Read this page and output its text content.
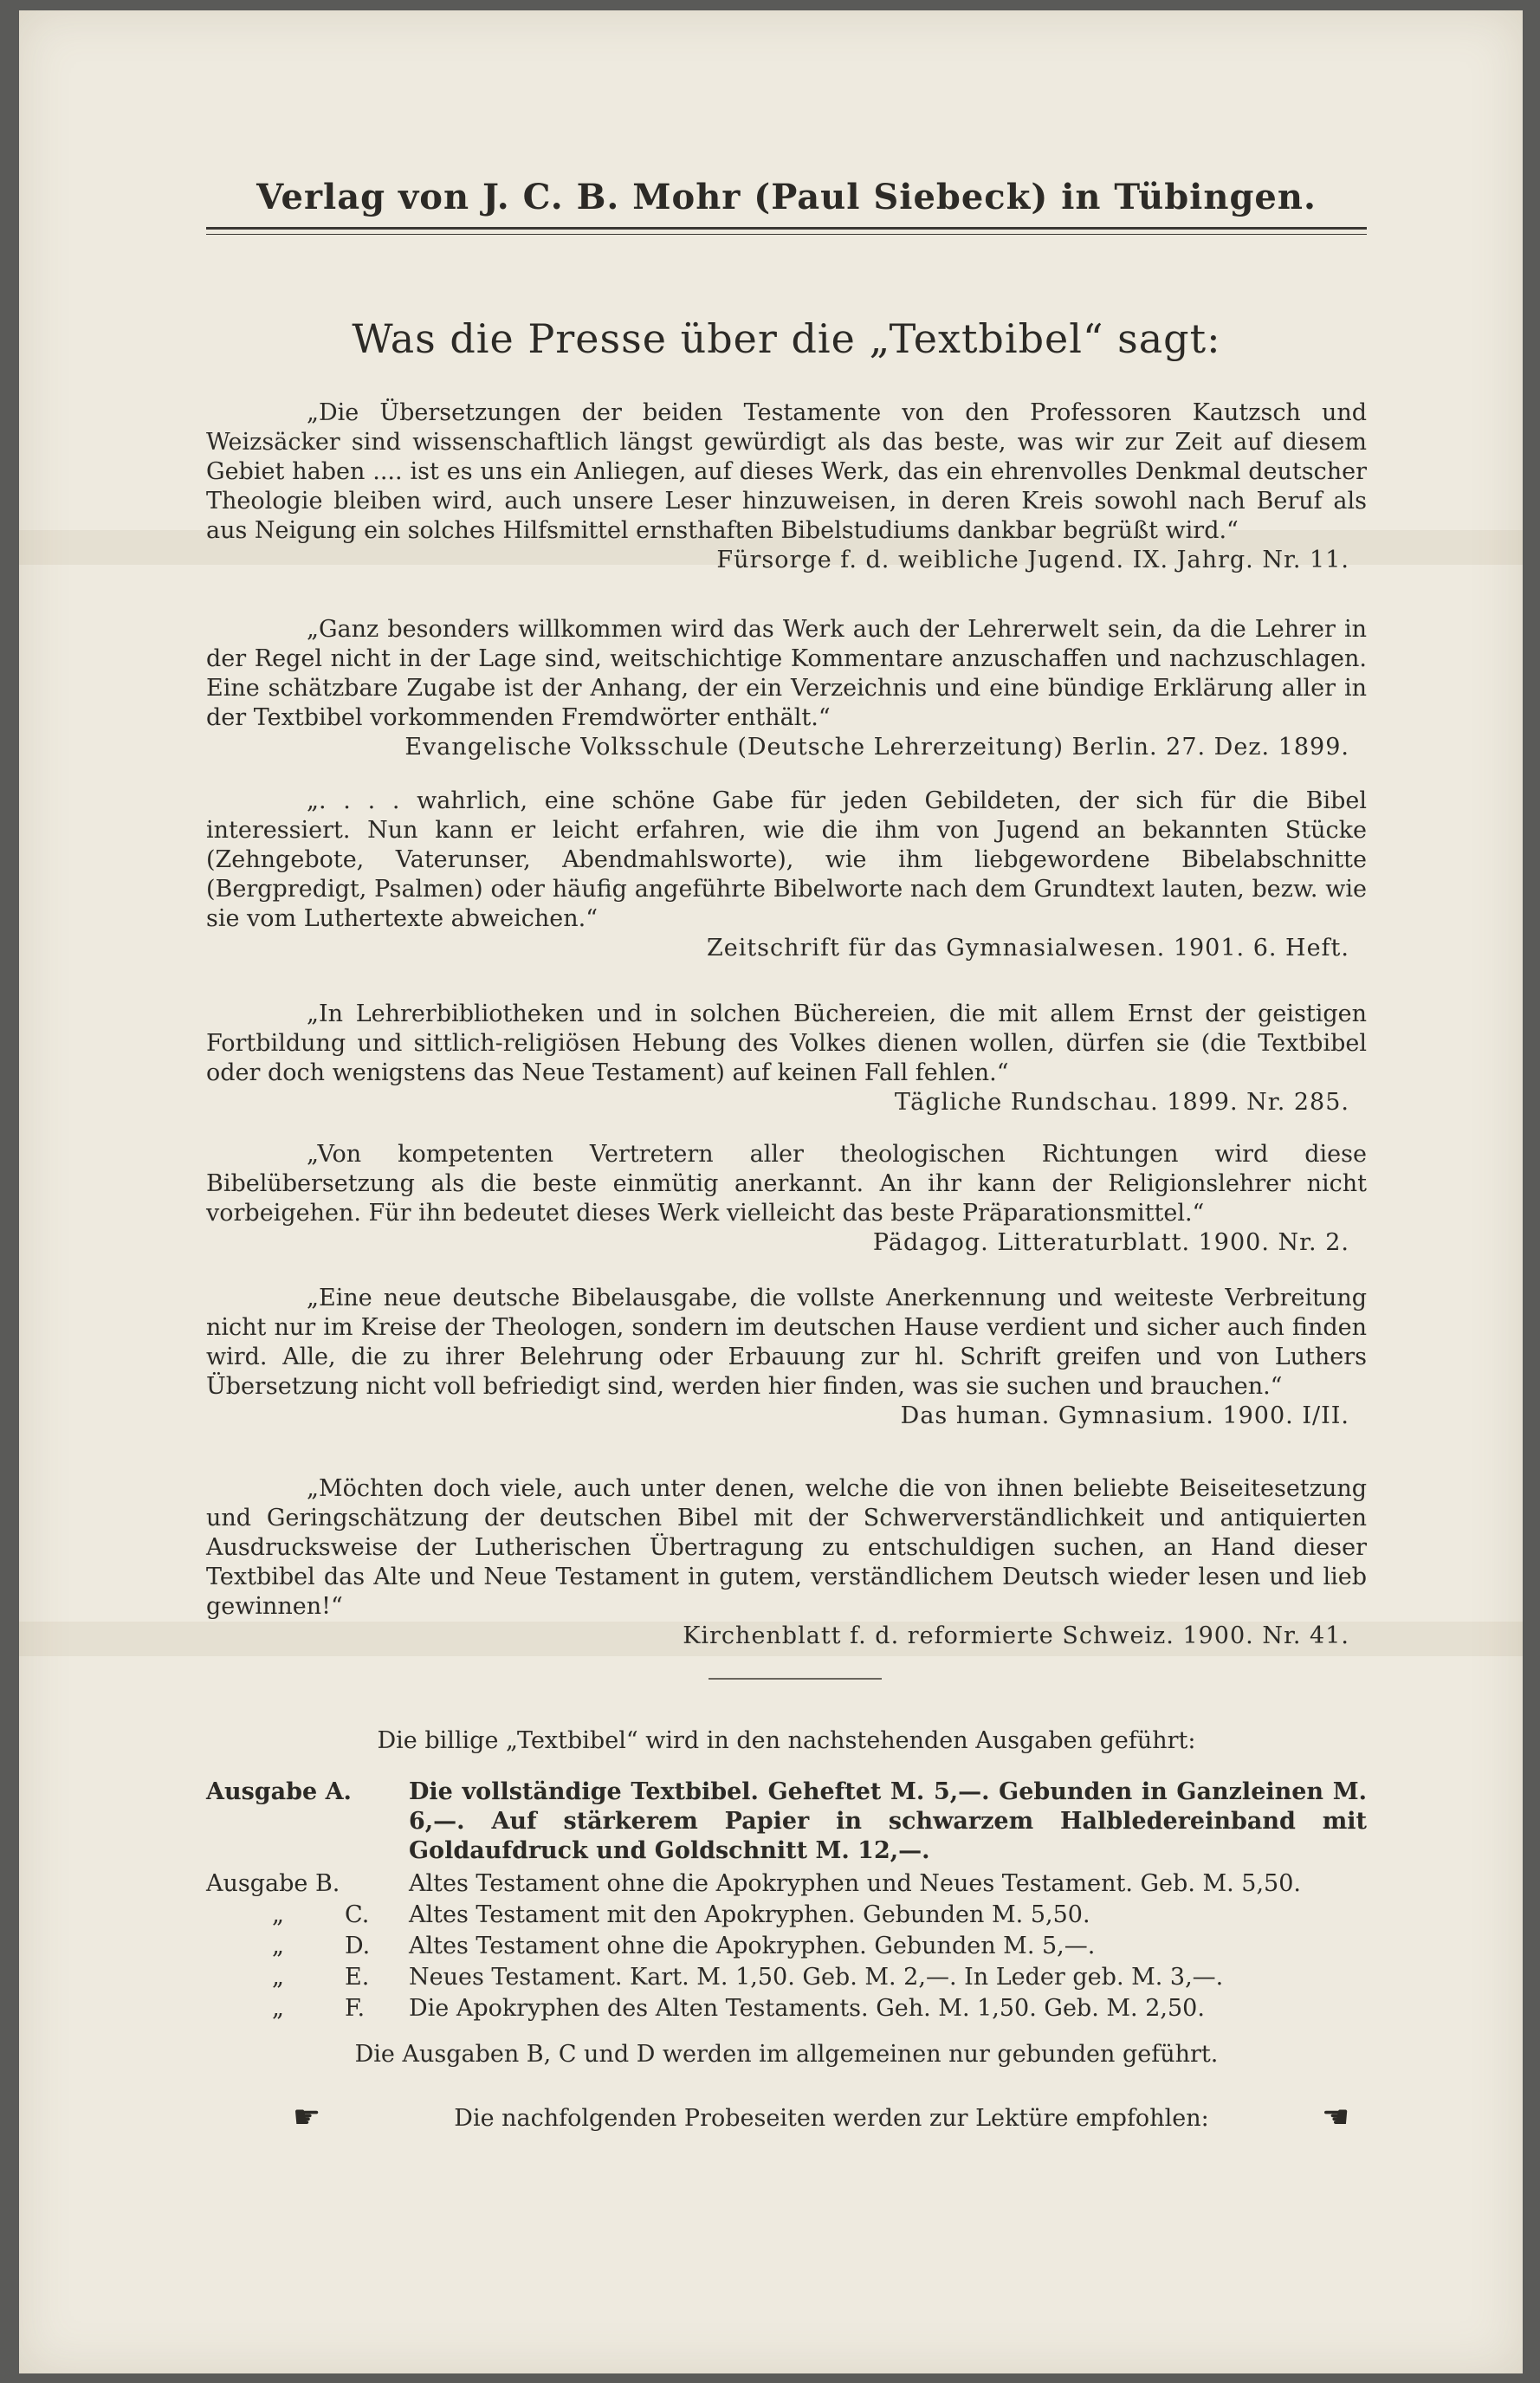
Verlag von J. C. B. Mohr (Paul Siebeck) in Tübingen.
Was die Presse über die „Textbibel“ sagt:

„Die Übersetzungen der beiden Testamente von den Professoren Kautzsch und Weizsäcker sind wissenschaftlich längst gewürdigt als das beste, was wir zur Zeit auf diesem Gebiet haben .... ist es uns ein Anliegen, auf dieses Werk, das ein ehrenvolles Denkmal deutscher Theologie bleiben wird, auch unsere Leser hinzuweisen, in deren Kreis sowohl nach Beruf als aus Neigung ein solches Hilfsmittel ernsthaften Bibelstudiums dankbar begrüßt wird.“

Fürsorge f. d. weibliche Jugend. IX. Jahrg. Nr. 11.

„Ganz besonders willkommen wird das Werk auch der Lehrerwelt sein, da die Lehrer in der Regel nicht in der Lage sind, weitschichtige Kommentare anzuschaffen und nachzuschlagen. Eine schätzbare Zugabe ist der Anhang, der ein Verzeichnis und eine bündige Erklärung aller in der Textbibel vorkommenden Fremdwörter enthält.“

Evangelische Volksschule (Deutsche Lehrerzeitung) Berlin. 27. Dez. 1899.

„. . . . wahrlich, eine schöne Gabe für jeden Gebildeten, der sich für die Bibel interessiert. Nun kann er leicht erfahren, wie die ihm von Jugend an bekannten Stücke (Zehngebote, Vaterunser, Abendmahlsworte), wie ihm liebgewordene Bibelabschnitte (Bergpredigt, Psalmen) oder häufig angeführte Bibelworte nach dem Grundtext lauten, bezw. wie sie vom Luthertexte abweichen.“

Zeitschrift für das Gymnasialwesen. 1901. 6. Heft.

„In Lehrerbibliotheken und in solchen Büchereien, die mit allem Ernst der geistigen Fortbildung und sittlich-religiösen Hebung des Volkes dienen wollen, dürfen sie (die Textbibel oder doch wenigstens das Neue Testament) auf keinen Fall fehlen.“

Tägliche Rundschau. 1899. Nr. 285.

„Von kompetenten Vertretern aller theologischen Richtungen wird diese Bibelübersetzung als die beste einmütig anerkannt. An ihr kann der Religionslehrer nicht vorbeigehen. Für ihn bedeutet dieses Werk vielleicht das beste Präparationsmittel.“

Pädagog. Litteraturblatt. 1900. Nr. 2.

„Eine neue deutsche Bibelausgabe, die vollste Anerkennung und weiteste Verbreitung nicht nur im Kreise der Theologen, sondern im deutschen Hause verdient und sicher auch finden wird. Alle, die zu ihrer Belehrung oder Erbauung zur hl. Schrift greifen und von Luthers Übersetzung nicht voll befriedigt sind, werden hier finden, was sie suchen und brauchen.“

Das human. Gymnasium. 1900. I/II.

„Möchten doch viele, auch unter denen, welche die von ihnen beliebte Beiseitesetzung und Geringschätzung der deutschen Bibel mit der Schwerverständlichkeit und antiquierten Ausdrucksweise der Lutherischen Übertragung zu entschuldigen suchen, an Hand dieser Textbibel das Alte und Neue Testament in gutem, verständlichem Deutsch wieder lesen und lieb gewinnen!“

Kirchenblatt f. d. reformierte Schweiz. 1900. Nr. 41.
Die billige „Textbibel“ wird in den nachstehenden Ausgaben geführt:
Ausgabe A.	Die vollständige Textbibel. Geheftet M. 5,—. Gebunden in Ganzleinen M. 6,—. Auf stärkerem Papier in schwarzem Halbledereinband mit Goldaufdruck und Goldschnitt M. 12,—.
Ausgabe B.	Altes Testament ohne die Apokryphen und Neues Testament. Geb. M. 5,50.
„	C. Altes Testament mit den Apokryphen. Gebunden M. 5,50.
„	D. Altes Testament ohne die Apokryphen. Gebunden M. 5,—.
„	E. Neues Testament. Kart. M. 1,50. Geb. M. 2,—. In Leder geb. M. 3,—.
„	F. Die Apokryphen des Alten Testaments. Geh. M. 1,50. Geb. M. 2,50.
Die Ausgaben B, C und D werden im allgemeinen nur gebunden geführt.
☛	Die nachfolgenden Probeseiten werden zur Lektüre empfohlen:	☛
